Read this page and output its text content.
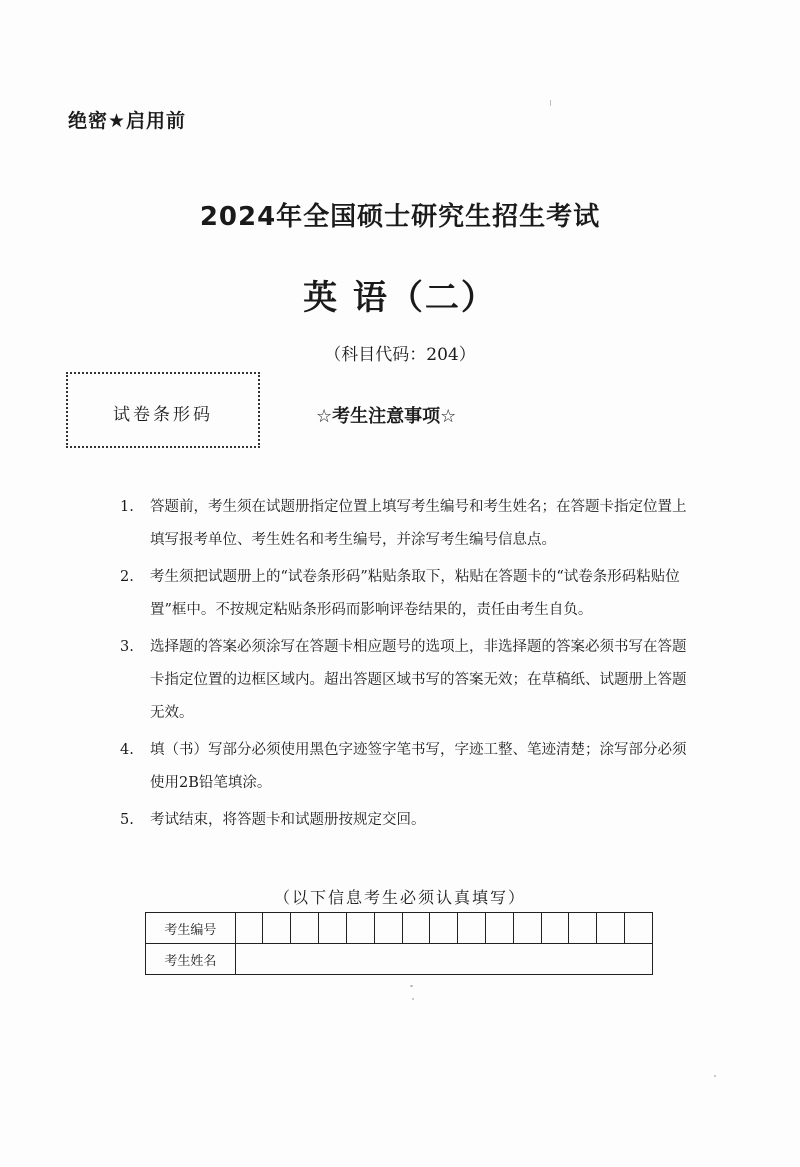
绝密★启用前
2024年全国硕士研究生招生考试
英 语（二）
（科目代码：204）
试卷条形码	☆考生注意事项☆
1. 答题前，考生须在试题册指定位置上填写考生编号和考生姓名；在答题卡指定位置上填写报考单位、考生姓名和考生编号，并涂写考生编号信息点。
2. 考生须把试题册上的“试卷条形码”粘贴条取下，粘贴在答题卡的“试卷条形码粘贴位置”框中。不按规定粘贴条形码而影响评卷结果的，责任由考生自负。
3. 选择题的答案必须涂写在答题卡相应题号的选项上，非选择题的答案必须书写在答题卡指定位置的边框区域内。超出答题区域书写的答案无效；在草稿纸、试题册上答题无效。
4. 填（书）写部分必须使用黑色字迹签字笔书写，字迹工整、笔迹清楚；涂写部分必须使用2B铅笔填涂。
5. 考试结束，将答题卡和试题册按规定交回。
（以下信息考生必须认真填写）
考生编号															
考生姓名															
